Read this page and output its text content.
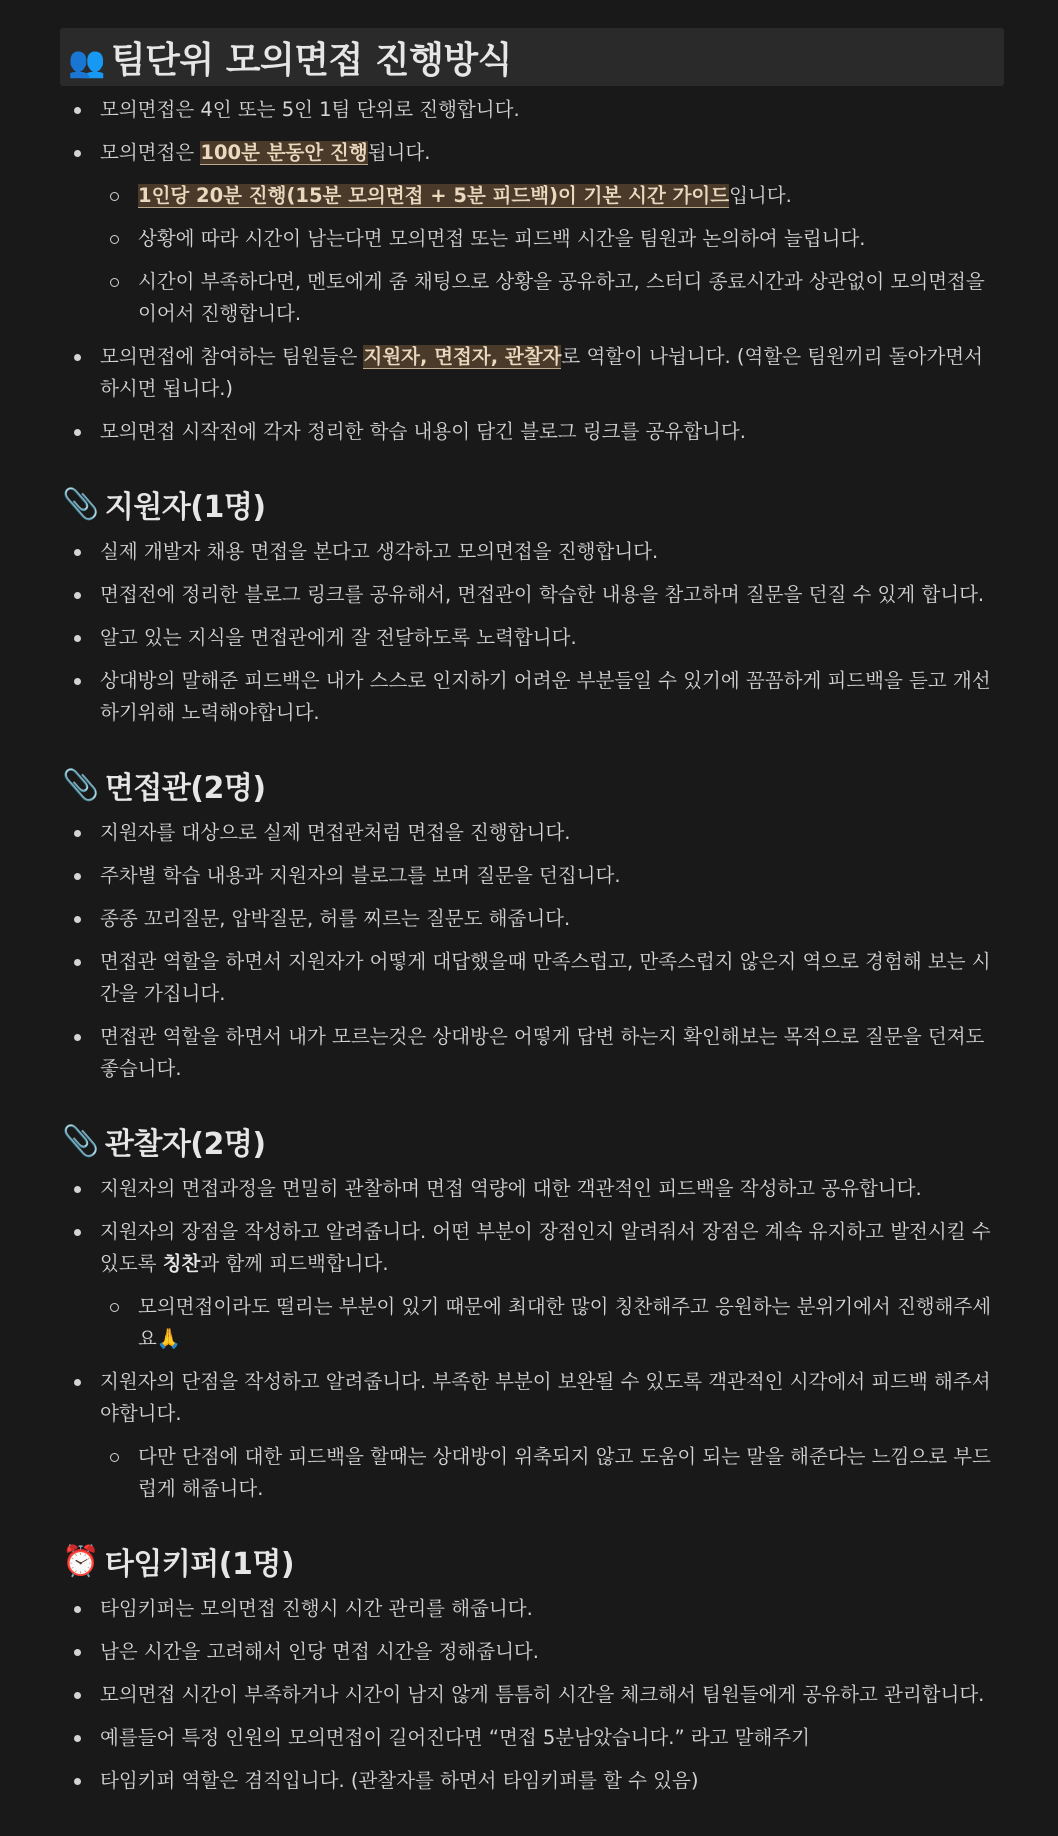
👥 팀단위 모의면접 진행방식
모의면접은 4인 또는 5인 1팀 단위로 진행합니다.
모의면접은 100분 분동안 진행됩니다.
1인당 20분 진행(15분 모의면접 + 5분 피드백)이 기본 시간 가이드입니다.
상황에 따라 시간이 남는다면 모의면접 또는 피드백 시간을 팀원과 논의하여 늘립니다.
시간이 부족하다면, 멘토에게 줌 채팅으로 상황을 공유하고, 스터디 종료시간과 상관없이 모의면접을 이어서 진행합니다.
모의면접에 참여하는 팀원들은 지원자, 면접자, 관찰자로 역할이 나뉩니다. (역할은 팀원끼리 돌아가면서 하시면 됩니다.)
모의면접 시작전에 각자 정리한 학습 내용이 담긴 블로그 링크를 공유합니다.
📎 지원자(1명)
실제 개발자 채용 면접을 본다고 생각하고 모의면접을 진행합니다.
면접전에 정리한 블로그 링크를 공유해서, 면접관이 학습한 내용을 참고하며 질문을 던질 수 있게 합니다.
알고 있는 지식을 면접관에게 잘 전달하도록 노력합니다.
상대방의 말해준 피드백은 내가 스스로 인지하기 어려운 부분들일 수 있기에 꼼꼼하게 피드백을 듣고 개선하기위해 노력해야합니다.
📎 면접관(2명)
지원자를 대상으로 실제 면접관처럼 면접을 진행합니다.
주차별 학습 내용과 지원자의 블로그를 보며 질문을 던집니다.
종종 꼬리질문, 압박질문, 허를 찌르는 질문도 해줍니다.
면접관 역할을 하면서 지원자가 어떻게 대답했을때 만족스럽고, 만족스럽지 않은지 역으로 경험해 보는 시간을 가집니다.
면접관 역할을 하면서 내가 모르는것은 상대방은 어떻게 답변 하는지 확인해보는 목적으로 질문을 던져도 좋습니다.
📎 관찰자(2명)
지원자의 면접과정을 면밀히 관찰하며 면접 역량에 대한 객관적인 피드백을 작성하고 공유합니다.
지원자의 장점을 작성하고 알려줍니다. 어떤 부분이 장점인지 알려줘서 장점은 계속 유지하고 발전시킬 수 있도록 칭찬과 함께 피드백합니다.
모의면접이라도 떨리는 부분이 있기 때문에 최대한 많이 칭찬해주고 응원하는 분위기에서 진행해주세요🙏
지원자의 단점을 작성하고 알려줍니다. 부족한 부분이 보완될 수 있도록 객관적인 시각에서 피드백 해주셔야합니다.
다만 단점에 대한 피드백을 할때는 상대방이 위축되지 않고 도움이 되는 말을 해준다는 느낌으로 부드럽게 해줍니다.
⏰ 타임키퍼(1명)
타임키퍼는 모의면접 진행시 시간 관리를 해줍니다.
남은 시간을 고려해서 인당 면접 시간을 정해줍니다.
모의면접 시간이 부족하거나 시간이 남지 않게 틈틈히 시간을 체크해서 팀원들에게 공유하고 관리합니다.
예를들어 특정 인원의 모의면접이 길어진다면 “면접 5분남았습니다.” 라고 말해주기
타임키퍼 역할은 겸직입니다. (관찰자를 하면서 타임키퍼를 할 수 있음)
